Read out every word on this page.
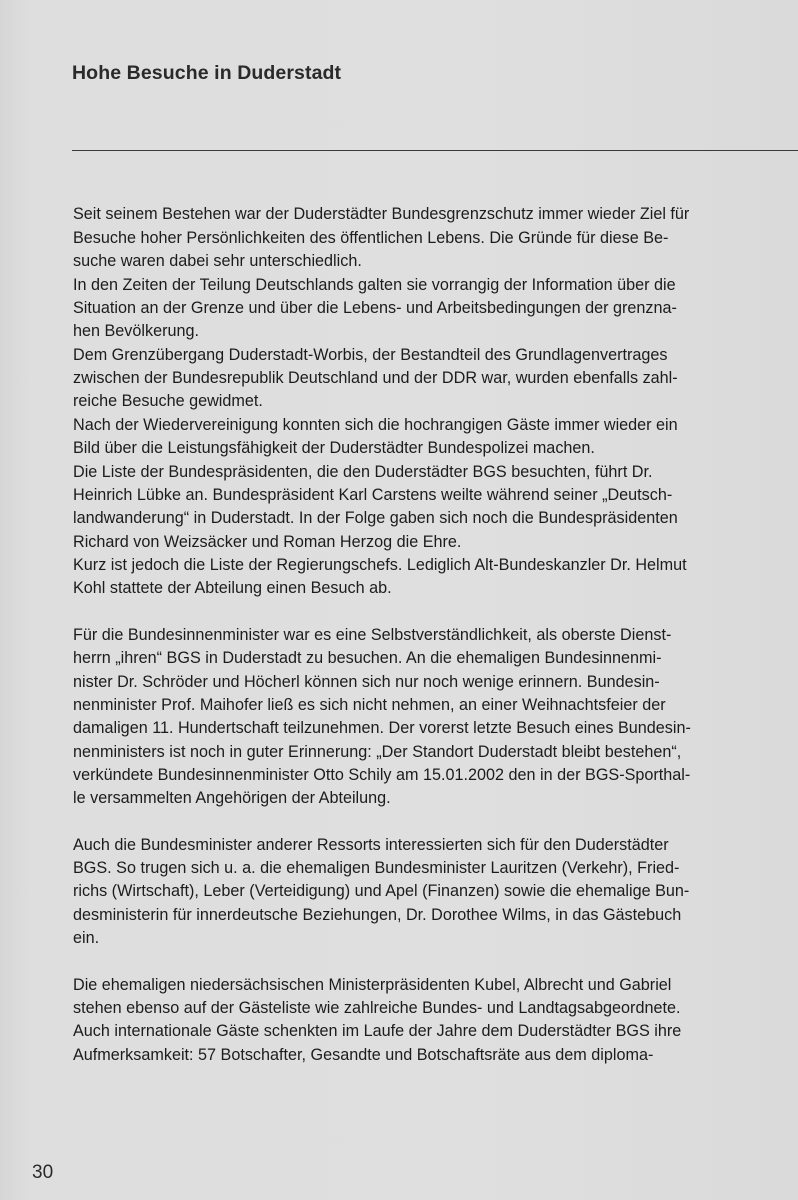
Hohe Besuche in Duderstadt
Seit seinem Bestehen war der Duderstädter Bundesgrenzschutz immer wieder Ziel für
Besuche hoher Persönlichkeiten des öffentlichen Lebens. Die Gründe für diese Be-
suche waren dabei sehr unterschiedlich.
In den Zeiten der Teilung Deutschlands galten sie vorrangig der Information über die
Situation an der Grenze und über die Lebens- und Arbeitsbedingungen der grenzna-
hen Bevölkerung.
Dem Grenzübergang Duderstadt-Worbis, der Bestandteil des Grundlagenvertrages
zwischen der Bundesrepublik Deutschland und der DDR war, wurden ebenfalls zahl-
reiche Besuche gewidmet.
Nach der Wiedervereinigung konnten sich die hochrangigen Gäste immer wieder ein
Bild über die Leistungsfähigkeit der Duderstädter Bundespolizei machen.
Die Liste der Bundespräsidenten, die den Duderstädter BGS besuchten, führt Dr.
Heinrich Lübke an. Bundespräsident Karl Carstens weilte während seiner „Deutsch-
landwanderung“ in Duderstadt. In der Folge gaben sich noch die Bundespräsidenten
Richard von Weizsäcker und Roman Herzog die Ehre.
Kurz ist jedoch die Liste der Regierungschefs. Lediglich Alt-Bundeskanzler Dr. Helmut
Kohl stattete der Abteilung einen Besuch ab.
Für die Bundesinnenminister war es eine Selbstverständlichkeit, als oberste Dienst-
herrn „ihren“ BGS in Duderstadt zu besuchen. An die ehemaligen Bundesinnenmi-
nister Dr. Schröder und Höcherl können sich nur noch wenige erinnern. Bundesin-
nenminister Prof. Maihofer ließ es sich nicht nehmen, an einer Weihnachtsfeier der
damaligen 11. Hundertschaft teilzunehmen. Der vorerst letzte Besuch eines Bundesin-
nenministers ist noch in guter Erinnerung: „Der Standort Duderstadt bleibt bestehen“,
verkündete Bundesinnenminister Otto Schily am 15.01.2002 den in der BGS-Sporthal-
le versammelten Angehörigen der Abteilung.
Auch die Bundesminister anderer Ressorts interessierten sich für den Duderstädter
BGS. So trugen sich u. a. die ehemaligen Bundesminister Lauritzen (Verkehr), Fried-
richs (Wirtschaft), Leber (Verteidigung) und Apel (Finanzen) sowie die ehemalige Bun-
desministerin für innerdeutsche Beziehungen, Dr. Dorothee Wilms, in das Gästebuch
ein.
Die ehemaligen niedersächsischen Ministerpräsidenten Kubel, Albrecht und Gabriel
stehen ebenso auf der Gästeliste wie zahlreiche Bundes- und Landtagsabgeordnete.
Auch internationale Gäste schenkten im Laufe der Jahre dem Duderstädter BGS ihre
Aufmerksamkeit: 57 Botschafter, Gesandte und Botschaftsräte aus dem diploma-
30
